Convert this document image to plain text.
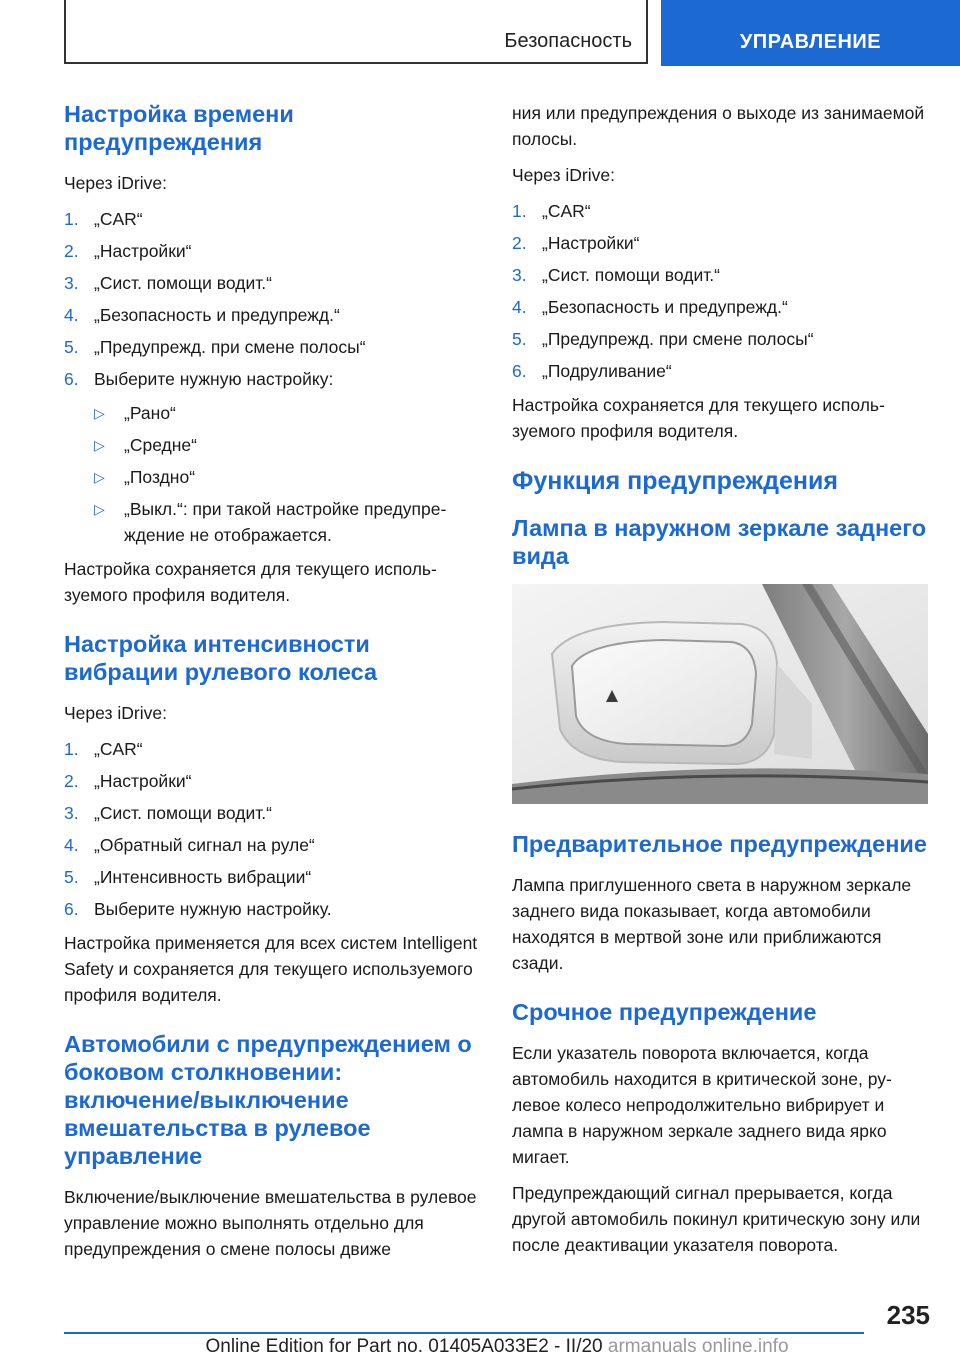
Безопасность	УПРАВЛЕНИЕ
Настройка времени предупреждения

Через iDrive:

1. „CAR“
2. „Настройки“
3. „Сист. помощи водит.“
4. „Безопасность и предупрежд.“
5. „Предупрежд. при смене полосы“
6. Выберите нужную настройку:
▷ „Рано“
▷ „Средне“
▷ „Поздно“
▷ „Выкл.“: при такой настройке предупреждение не отображается.

Настройка сохраняется для текущего используемого профиля водителя.

Настройка интенсивности вибрации рулевого колеса

Через iDrive:

1. „CAR“
2. „Настройки“
3. „Сист. помощи водит.“
4. „Обратный сигнал на руле“
5. „Интенсивность вибрации“
6. Выберите нужную настройку.

Настройка применяется для всех систем Intelligent Safety и сохраняется для текущего используемого профиля водителя.

Автомобили с предупреждением о боковом столкновении: включение/выключение вмешательства в рулевое управление

Включение/выключение вмешательства в рулевое управление можно выполнять отдельно для предупреждения о смене полосы движе

ния или предупреждения о выходе из занимаемой полосы.

Через iDrive:

1. „CAR“
2. „Настройки“
3. „Сист. помощи водит.“
4. „Безопасность и предупрежд.“
5. „Предупрежд. при смене полосы“
6. „Подруливание“

Настройка сохраняется для текущего используемого профиля водителя.

Функция предупреждения
Лампа в наружном зеркале заднего вида
Предварительное предупреждение

Лампа приглушенного света в наружном зеркале заднего вида показывает, когда автомобили находятся в мертвой зоне или приближаются сзади.

Срочное предупреждение

Если указатель поворота включается, когда автомобиль находится в критической зоне, рулевое колесо непродолжительно вибрирует и лампа в наружном зеркале заднего вида ярко мигает.

Предупреждающий сигнал прерывается, когда другой автомобиль покинул критическую зону или после деактивации указателя поворота.

235
Online Edition for Part no. 01405A033E2 - II/20 armanuals online.info
